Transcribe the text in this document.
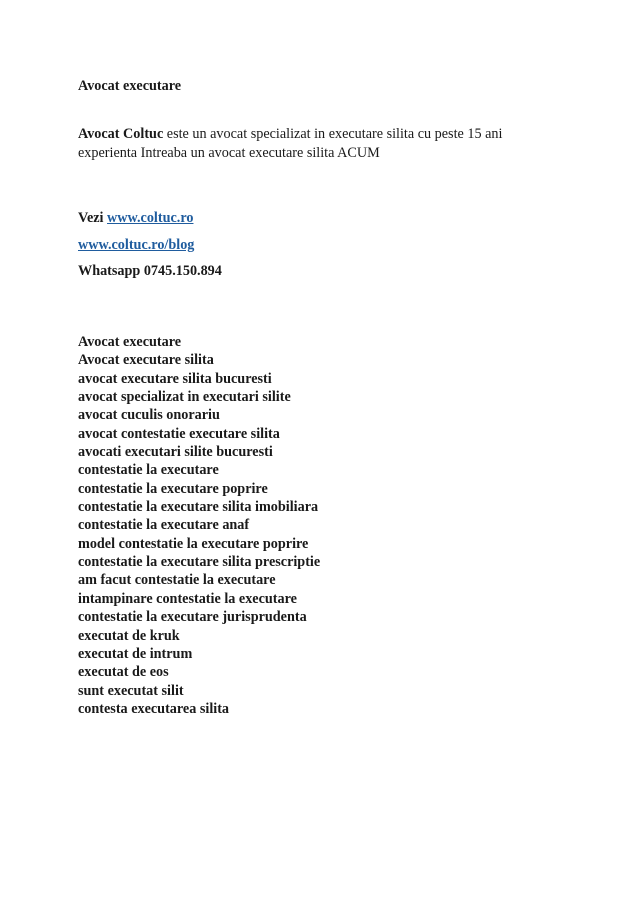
Avocat executare
Avocat Coltuc este un avocat specializat in executare silita cu peste 15 ani
experienta Intreaba un avocat executare silita ACUM
Vezi www.coltuc.ro
www.coltuc.ro/blog
Whatsapp 0745.150.894
Avocat executare
Avocat executare silita
avocat executare silita bucuresti
avocat specializat in executari silite
avocat cuculis onorariu
avocat contestatie executare silita
avocati executari silite bucuresti
contestatie la executare
contestatie la executare poprire
contestatie la executare silita imobiliara
contestatie la executare anaf
model contestatie la executare poprire
contestatie la executare silita prescriptie
am facut contestatie la executare
intampinare contestatie la executare
contestatie la executare jurisprudenta
executat de kruk
executat de intrum
executat de eos
sunt executat silit
contesta executarea silita
